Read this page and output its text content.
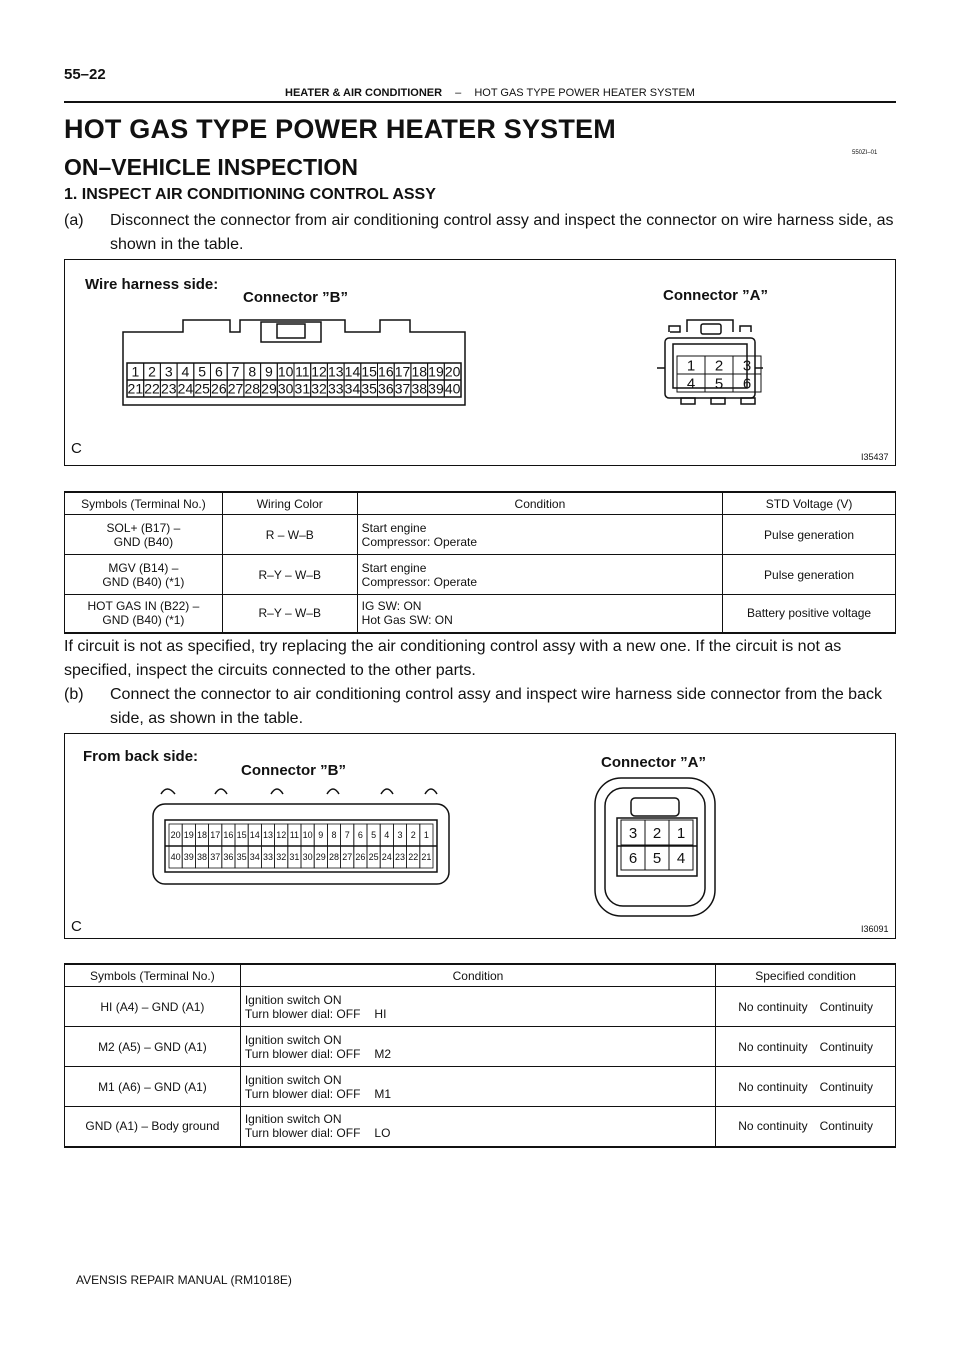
55–22
HEATER & AIR CONDITIONER – HOT GAS TYPE POWER HEATER SYSTEM
HOT GAS TYPE POWER HEATER SYSTEM
ON–VEHICLE INSPECTION
550ZI–01
1. INSPECT AIR CONDITIONING CONTROL ASSY
(a)	Disconnect the connector from air conditioning control assy and inspect the connector on wire harness side, as shown in the table.
Wire harness side:
Connector ”B”	Connector ”A”
C	I35437
1 2 3 4 5 6 7 8 9 10 11 12 13 14 15 16 17 18 19 20
21 22 23 24 25 26 27 28 29 30 31 32 33 34 35 36 37 38 39 40
1 2 3
4 5 6
Symbols (Terminal No.)	Wiring Color	Condition	STD Voltage (V)
SOL+ (B17) –
GND (B40)	R – W–B	Start engine
Compressor: Operate	Pulse generation
MGV (B14) –
GND (B40) (*1)	R–Y – W–B	Start engine
Compressor: Operate	Pulse generation
HOT GAS IN (B22) –
GND (B40) (*1)	R–Y – W–B	IG SW: ON
Hot Gas SW: ON	Battery positive voltage
If circuit is not as specified, try replacing the air conditioning control assy with a new one. If the circuit is not as specified, inspect the circuits connected to the other parts.
(b)	Connect the connector to air conditioning control assy and inspect wire harness side connector from the back side, as shown in the table.
From back side:
Connector ”B”	Connector ”A”
C	I36091
20 19 18 17 16 15 14 13 12 11 10 9 8 7 6 5 4 3 2 1
40 39 38 37 36 35 34 33 32 31 30 29 28 27 26 25 24 23 22 21
3 2 1
6 5 4
Symbols (Terminal No.)	Condition	Specified condition
HI (A4) – GND (A1)	Ignition switch ON
Turn blower dial: OFF HI	No continuity Continuity
M2 (A5) – GND (A1)	Ignition switch ON
Turn blower dial: OFF M2	No continuity Continuity
M1 (A6) – GND (A1)	Ignition switch ON
Turn blower dial: OFF M1	No continuity Continuity
GND (A1) – Body ground	Ignition switch ON
Turn blower dial: OFF LO	No continuity Continuity
AVENSIS REPAIR MANUAL (RM1018E)
